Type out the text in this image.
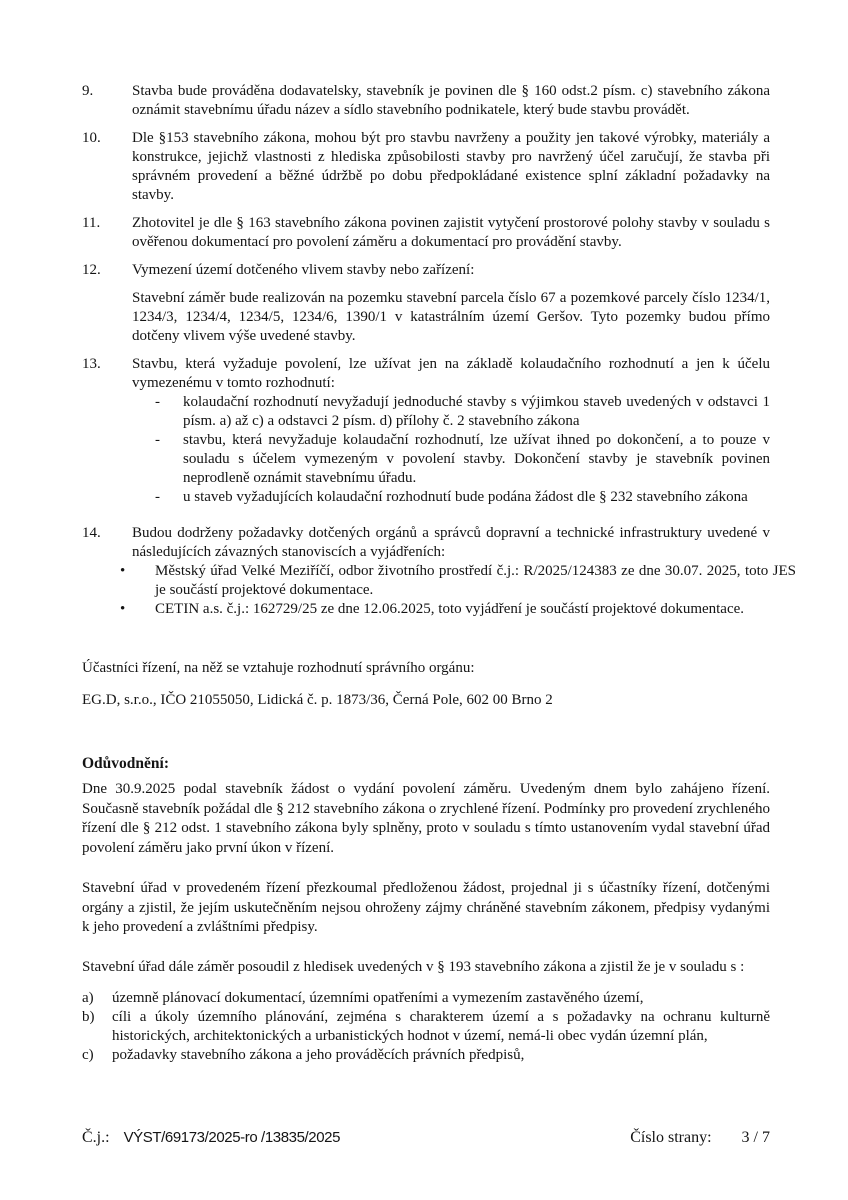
9.	Stavba bude prováděna dodavatelsky, stavebník je povinen dle § 160 odst.2 písm. c) stavebního zákona oznámit stavebnímu úřadu název a sídlo stavebního podnikatele, který bude stavbu provádět.

10.	Dle §153 stavebního zákona, mohou být pro stavbu navrženy a použity jen takové výrobky, materiály a konstrukce, jejichž vlastnosti z hlediska způsobilosti stavby pro navržený účel zaručují, že stavba při správném provedení a běžné údržbě po dobu předpokládané existence splní základní požadavky na stavby.

11.	Zhotovitel je dle § 163 stavebního zákona povinen zajistit vytyčení prostorové polohy stavby v souladu s ověřenou dokumentací pro povolení záměru a dokumentací pro provádění stavby.

12.	Vymezení území dotčeného vlivem stavby nebo zařízení:

Stavební záměr bude realizován na pozemku stavební parcela číslo 67 a pozemkové parcely číslo 1234/1, 1234/3, 1234/4, 1234/5, 1234/6, 1390/1 v katastrálním území Geršov. Tyto pozemky budou přímo dotčeny vlivem výše uvedené stavby.

13.	Stavbu, která vyžaduje povolení, lze užívat jen na základě kolaudačního rozhodnutí a jen k účelu vymezenému v tomto rozhodnutí:

-	kolaudační rozhodnutí nevyžadují jednoduché stavby s výjimkou staveb uvedených v odstavci 1 písm. a) až c) a odstavci 2 písm. d) přílohy č. 2 stavebního zákona

-	stavbu, která nevyžaduje kolaudační rozhodnutí, lze užívat ihned po dokončení, a to pouze v souladu s účelem vymezeným v povolení stavby. Dokončení stavby je stavebník povinen neprodleně oznámit stavebnímu úřadu.

-	u staveb vyžadujících kolaudační rozhodnutí bude podána žádost dle § 232 stavebního zákona

14.	Budou dodrženy požadavky dotčených orgánů a správců dopravní a technické infrastruktury uvedené v následujících závazných stanoviscích a vyjádřeních:

•	Městský úřad Velké Meziříčí, odbor životního prostředí č.j.: R/2025/124383 ze dne 30.07. 2025, toto JES je součástí projektové dokumentace.

•	CETIN a.s. č.j.: 162729/25 ze dne 12.06.2025, toto vyjádření je součástí projektové dokumentace.

Účastníci řízení, na něž se vztahuje rozhodnutí správního orgánu:

EG.D, s.r.o., IČO 21055050, Lidická č. p. 1873/36, Černá Pole, 602 00 Brno 2

Odůvodnění:

Dne 30.9.2025 podal stavebník žádost o vydání povolení záměru. Uvedeným dnem bylo zahájeno řízení. Současně stavebník požádal dle § 212 stavebního zákona o zrychlené řízení. Podmínky pro provedení zrychleného řízení dle § 212 odst. 1 stavebního zákona byly splněny, proto v souladu s tímto ustanovením vydal stavební úřad povolení záměru jako první úkon v řízení.

Stavební úřad v provedeném řízení přezkoumal předloženou žádost, projednal ji s účastníky řízení, dotčenými orgány a zjistil, že jejím uskutečněním nejsou ohroženy zájmy chráněné stavebním zákonem, předpisy vydanými k jeho provedení a zvláštními předpisy.

Stavební úřad dále záměr posoudil z hledisek uvedených v § 193 stavebního zákona a zjistil že je v souladu s :

a)	územně plánovací dokumentací, územními opatřeními a vymezením zastavěného území,

b)	cíli a úkoly územního plánování, zejména s charakterem území a s požadavky na ochranu kulturně historických, architektonických a urbanistických hodnot v území, nemá-li obec vydán územní plán,

c)	požadavky stavebního zákona a jeho prováděcích právních předpisů,

Č.j.: VÝST/69173/2025-ro /13835/2025	Číslo strany: 3 / 7
